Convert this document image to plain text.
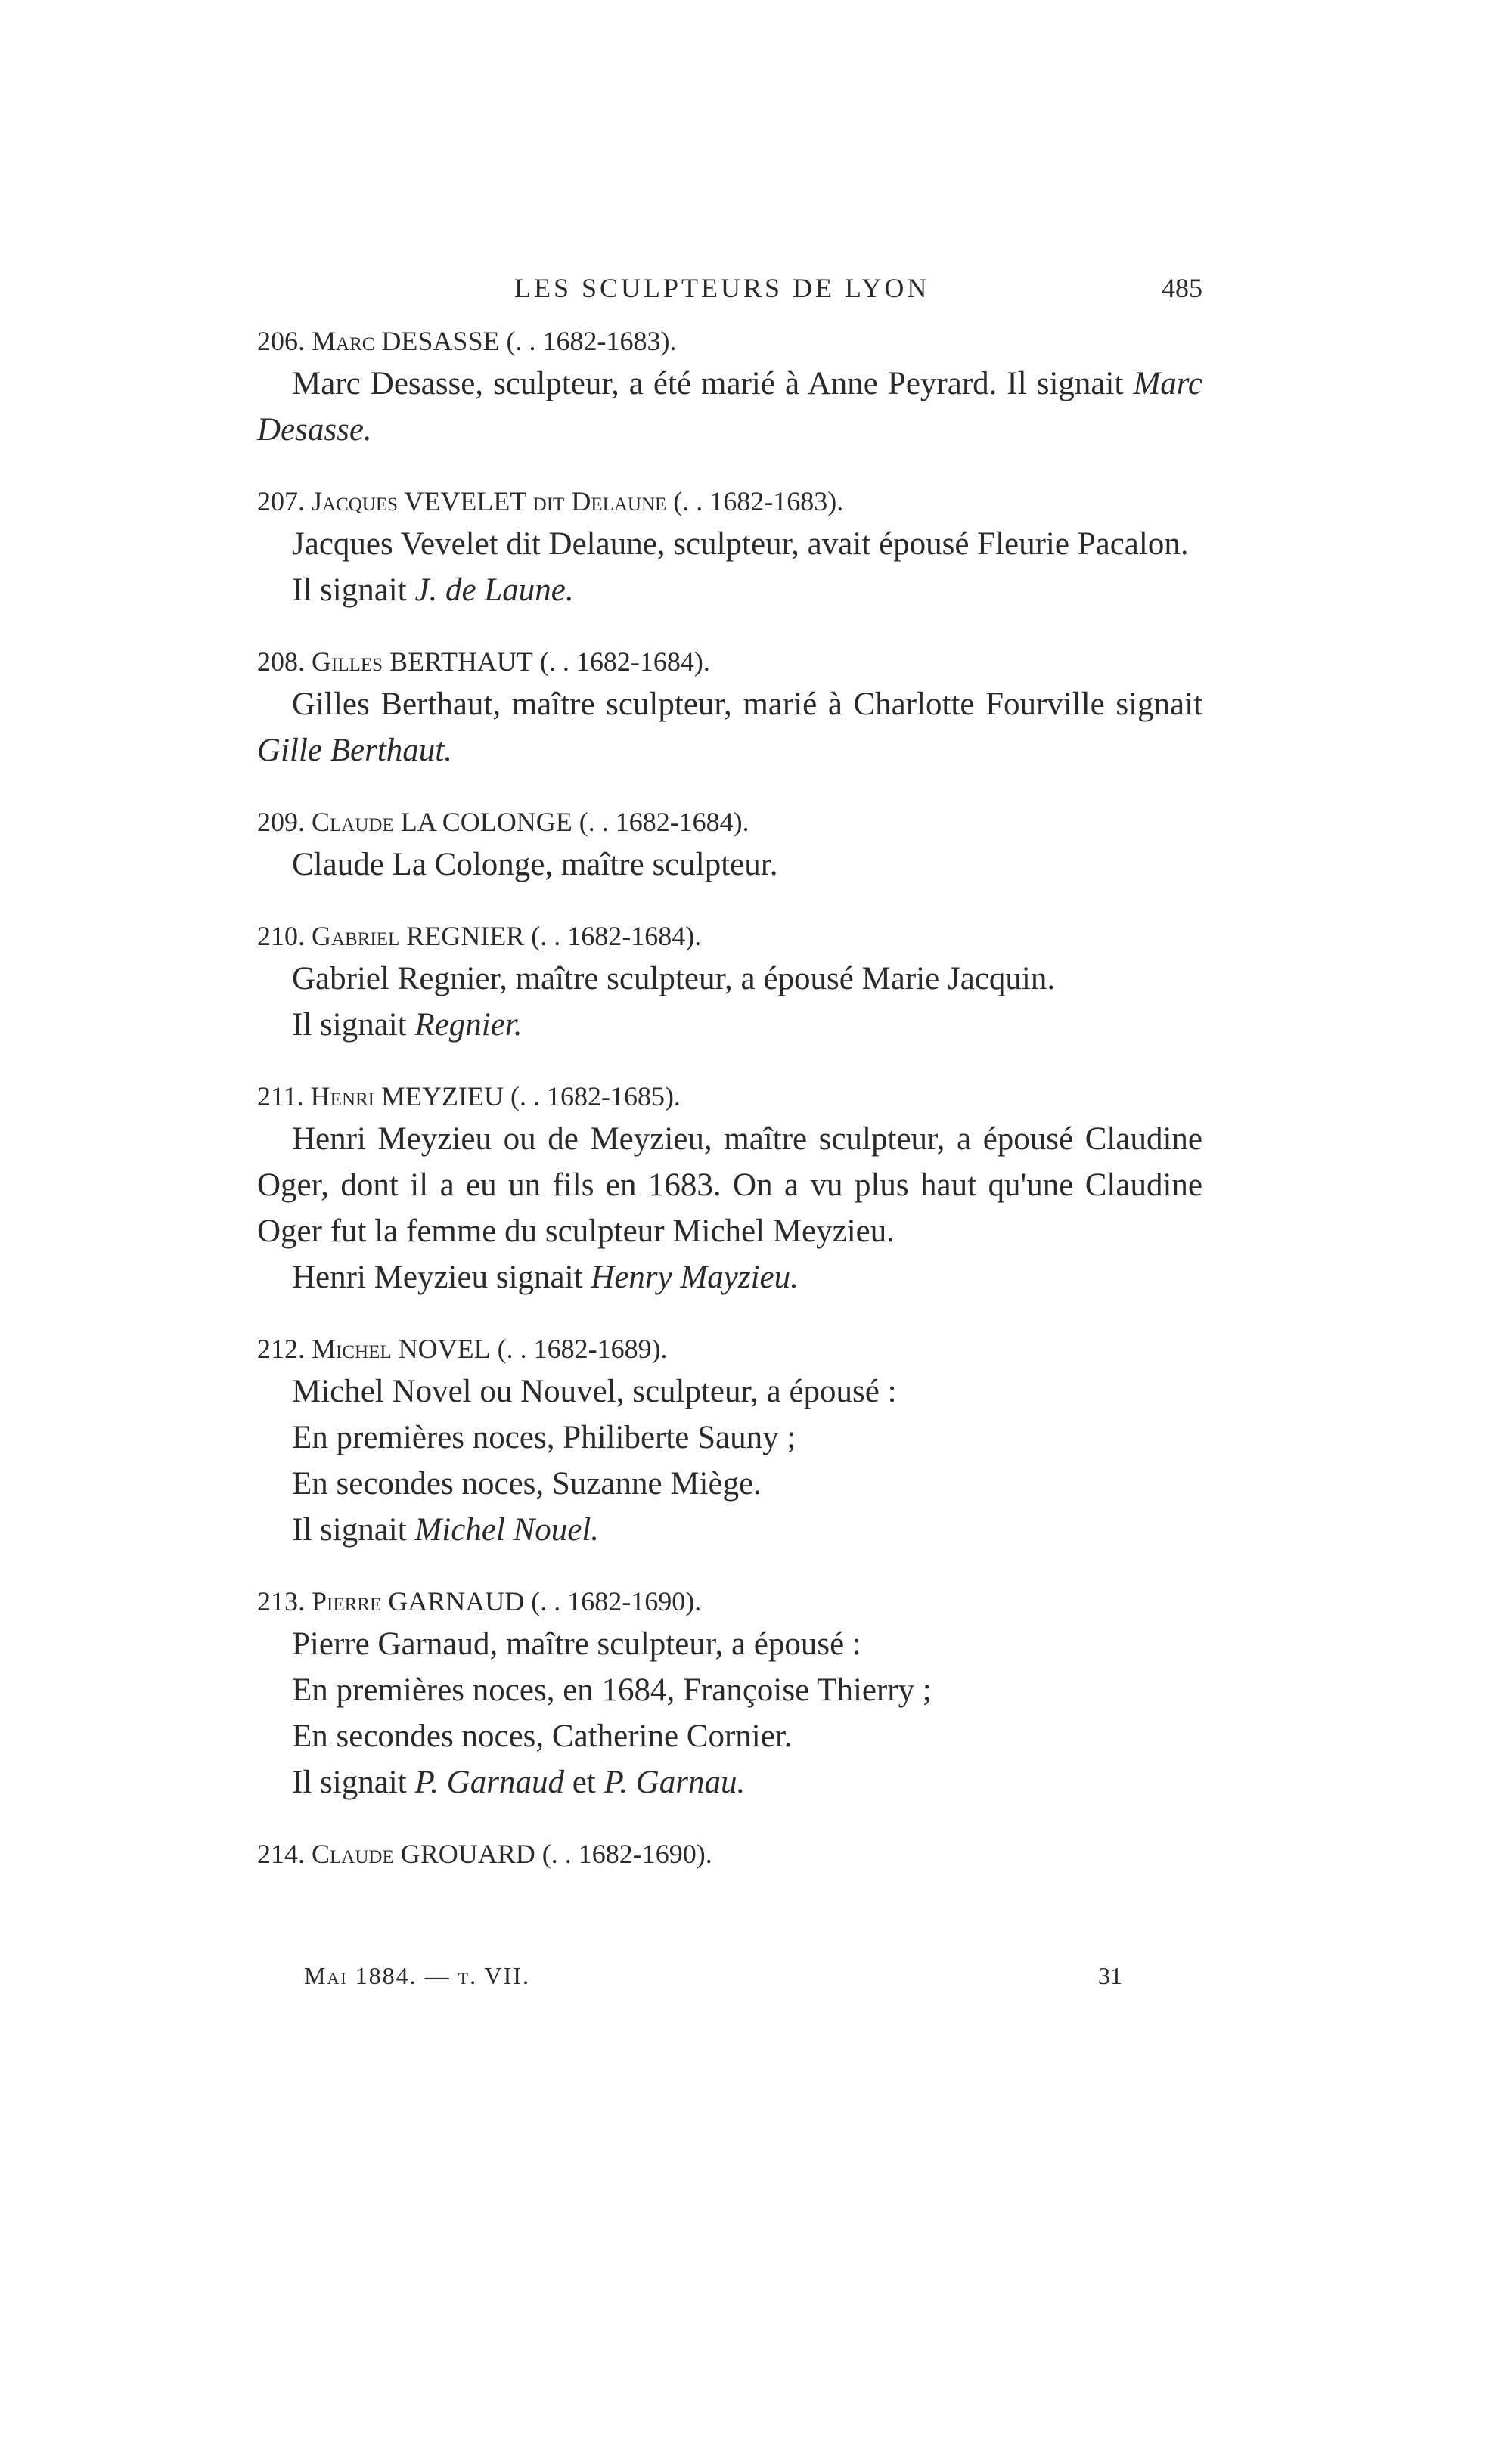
LES SCULPTEURS DE LYON	485

206. Marc DESASSE (. . 1682-1683).

Marc Desasse, sculpteur, a été marié à Anne Peyrard. Il signait Marc Desasse.

207. Jacques VEVELET dit Delaune (. . 1682-1683).

Jacques Vevelet dit Delaune, sculpteur, avait épousé Fleurie Pacalon.

Il signait J. de Laune.

208. Gilles BERTHAUT (. . 1682-1684).

Gilles Berthaut, maître sculpteur, marié à Charlotte Fourville signait Gille Berthaut.

209. Claude LA COLONGE (. . 1682-1684).

Claude La Colonge, maître sculpteur.

210. Gabriel REGNIER (. . 1682-1684).

Gabriel Regnier, maître sculpteur, a épousé Marie Jacquin.

Il signait Regnier.

211. Henri MEYZIEU (. . 1682-1685).

Henri Meyzieu ou de Meyzieu, maître sculpteur, a épousé Claudine Oger, dont il a eu un fils en 1683. On a vu plus haut qu'une Claudine Oger fut la femme du sculpteur Michel Meyzieu.

Henri Meyzieu signait Henry Mayzieu.

212. Michel NOVEL (. . 1682-1689).

Michel Novel ou Nouvel, sculpteur, a épousé :

En premières noces, Philiberte Sauny ;

En secondes noces, Suzanne Miège.

Il signait Michel Nouel.

213. Pierre GARNAUD (. . 1682-1690).

Pierre Garnaud, maître sculpteur, a épousé :

En premières noces, en 1684, Françoise Thierry ;

En secondes noces, Catherine Cornier.

Il signait P. Garnaud et P. Garnau.

214. Claude GROUARD (. . 1682-1690).

Mai 1884. — t. VII.	31
